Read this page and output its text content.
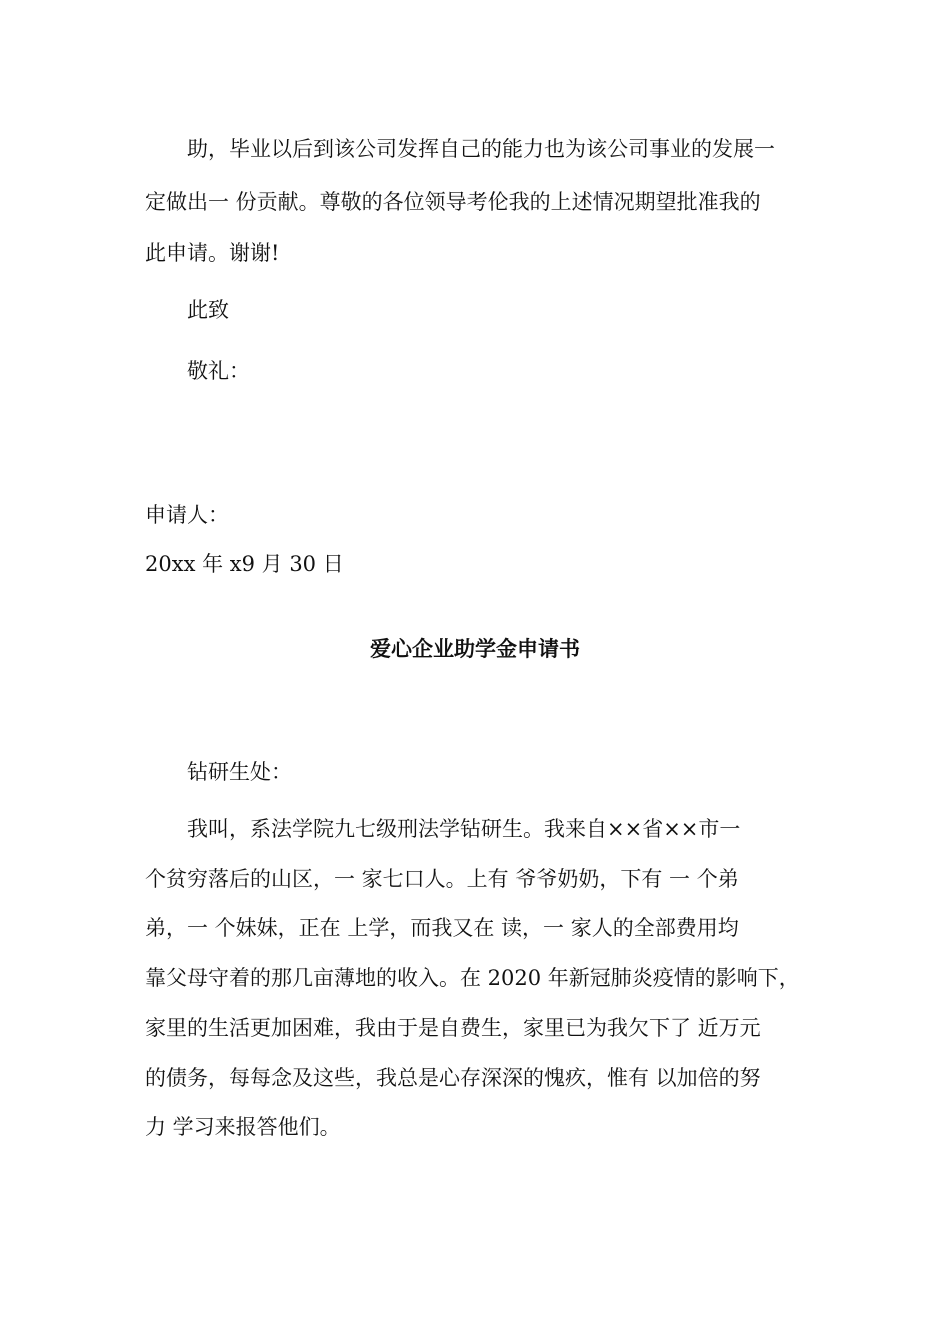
　　助，毕业以后到该公司发挥自己的能力也为该公司事业的发展一
定做出一 份贡献。尊敬的各位领导考伦我的上述情况期望批准我的
此申请。谢谢!
　　此致
　　敬礼：
申请人：
20xx 年 x9 月 30 日
爱心企业助学金申请书
　　钻研生处：
　　我叫，系法学院九七级刑法学钻研生。我来自××省××市一
个贫穷落后的山区，一 家七口人。上有 爷爷奶奶，下有 一 个弟
弟，一 个妹妹，正在 上学，而我又在 读，一 家人的全部费用均
靠父母守着的那几亩薄地的收入。在 2020 年新冠肺炎疫情的影响下，
家里的生活更加困难，我由于是自费生，家里已为我欠下了 近万元
的债务，每每念及这些，我总是心存深深的愧疚，惟有 以加倍的努
力 学习来报答他们。
